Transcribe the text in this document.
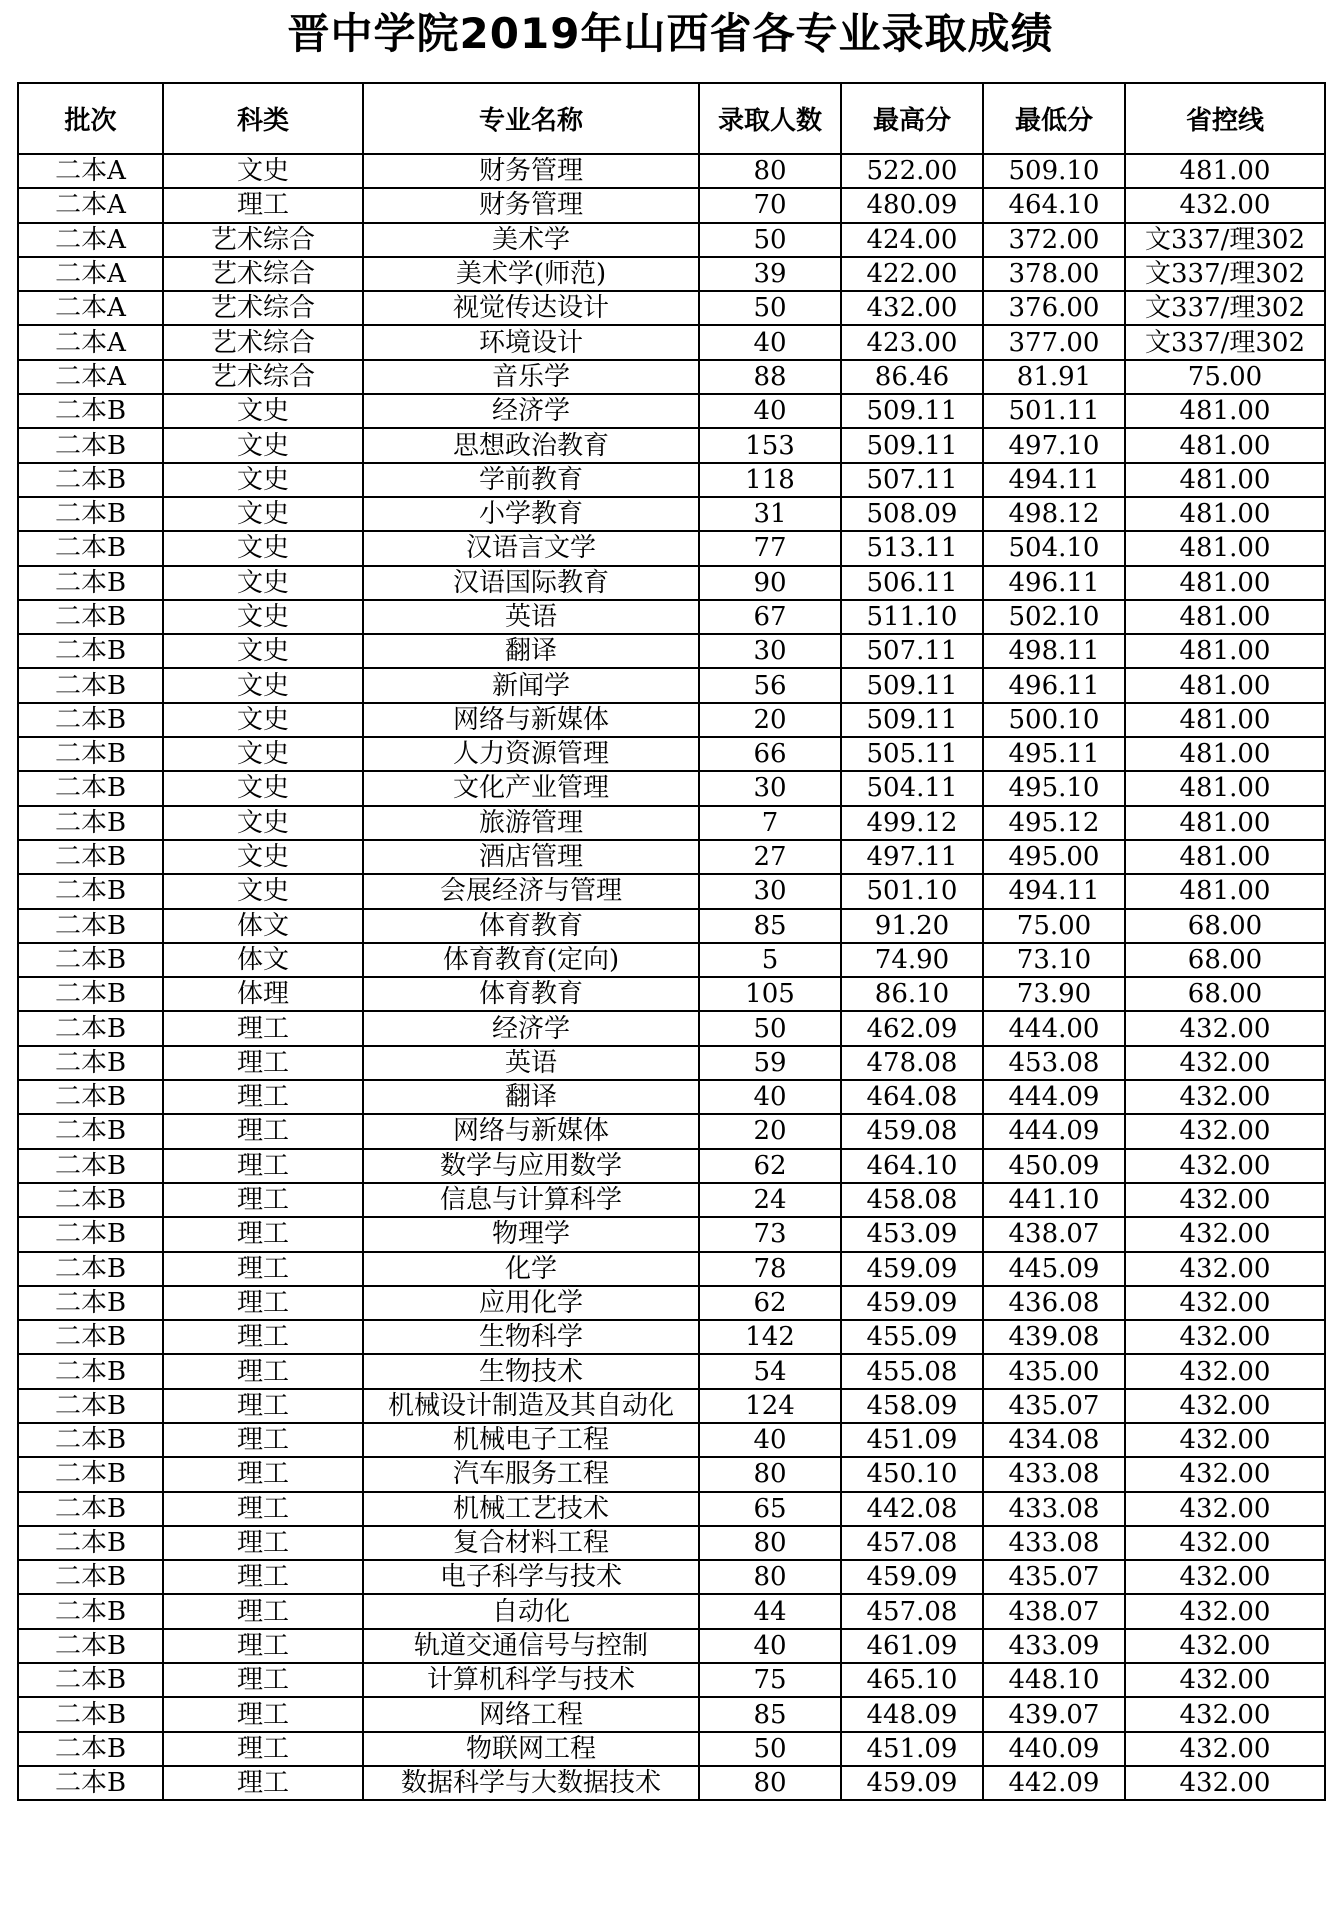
晋中学院2019年山西省各专业录取成绩
批次	科类	专业名称	录取人数	最高分	最低分	省控线
二本A	文史	财务管理	80	522.00	509.10	481.00
二本A	理工	财务管理	70	480.09	464.10	432.00
二本A	艺术综合	美术学	50	424.00	372.00	文337/理302
二本A	艺术综合	美术学(师范)	39	422.00	378.00	文337/理302
二本A	艺术综合	视觉传达设计	50	432.00	376.00	文337/理302
二本A	艺术综合	环境设计	40	423.00	377.00	文337/理302
二本A	艺术综合	音乐学	88	86.46	81.91	75.00
二本B	文史	经济学	40	509.11	501.11	481.00
二本B	文史	思想政治教育	153	509.11	497.10	481.00
二本B	文史	学前教育	118	507.11	494.11	481.00
二本B	文史	小学教育	31	508.09	498.12	481.00
二本B	文史	汉语言文学	77	513.11	504.10	481.00
二本B	文史	汉语国际教育	90	506.11	496.11	481.00
二本B	文史	英语	67	511.10	502.10	481.00
二本B	文史	翻译	30	507.11	498.11	481.00
二本B	文史	新闻学	56	509.11	496.11	481.00
二本B	文史	网络与新媒体	20	509.11	500.10	481.00
二本B	文史	人力资源管理	66	505.11	495.11	481.00
二本B	文史	文化产业管理	30	504.11	495.10	481.00
二本B	文史	旅游管理	7	499.12	495.12	481.00
二本B	文史	酒店管理	27	497.11	495.00	481.00
二本B	文史	会展经济与管理	30	501.10	494.11	481.00
二本B	体文	体育教育	85	91.20	75.00	68.00
二本B	体文	体育教育(定向)	5	74.90	73.10	68.00
二本B	体理	体育教育	105	86.10	73.90	68.00
二本B	理工	经济学	50	462.09	444.00	432.00
二本B	理工	英语	59	478.08	453.08	432.00
二本B	理工	翻译	40	464.08	444.09	432.00
二本B	理工	网络与新媒体	20	459.08	444.09	432.00
二本B	理工	数学与应用数学	62	464.10	450.09	432.00
二本B	理工	信息与计算科学	24	458.08	441.10	432.00
二本B	理工	物理学	73	453.09	438.07	432.00
二本B	理工	化学	78	459.09	445.09	432.00
二本B	理工	应用化学	62	459.09	436.08	432.00
二本B	理工	生物科学	142	455.09	439.08	432.00
二本B	理工	生物技术	54	455.08	435.00	432.00
二本B	理工	机械设计制造及其自动化	124	458.09	435.07	432.00
二本B	理工	机械电子工程	40	451.09	434.08	432.00
二本B	理工	汽车服务工程	80	450.10	433.08	432.00
二本B	理工	机械工艺技术	65	442.08	433.08	432.00
二本B	理工	复合材料工程	80	457.08	433.08	432.00
二本B	理工	电子科学与技术	80	459.09	435.07	432.00
二本B	理工	自动化	44	457.08	438.07	432.00
二本B	理工	轨道交通信号与控制	40	461.09	433.09	432.00
二本B	理工	计算机科学与技术	75	465.10	448.10	432.00
二本B	理工	网络工程	85	448.09	439.07	432.00
二本B	理工	物联网工程	50	451.09	440.09	432.00
二本B	理工	数据科学与大数据技术	80	459.09	442.09	432.00
